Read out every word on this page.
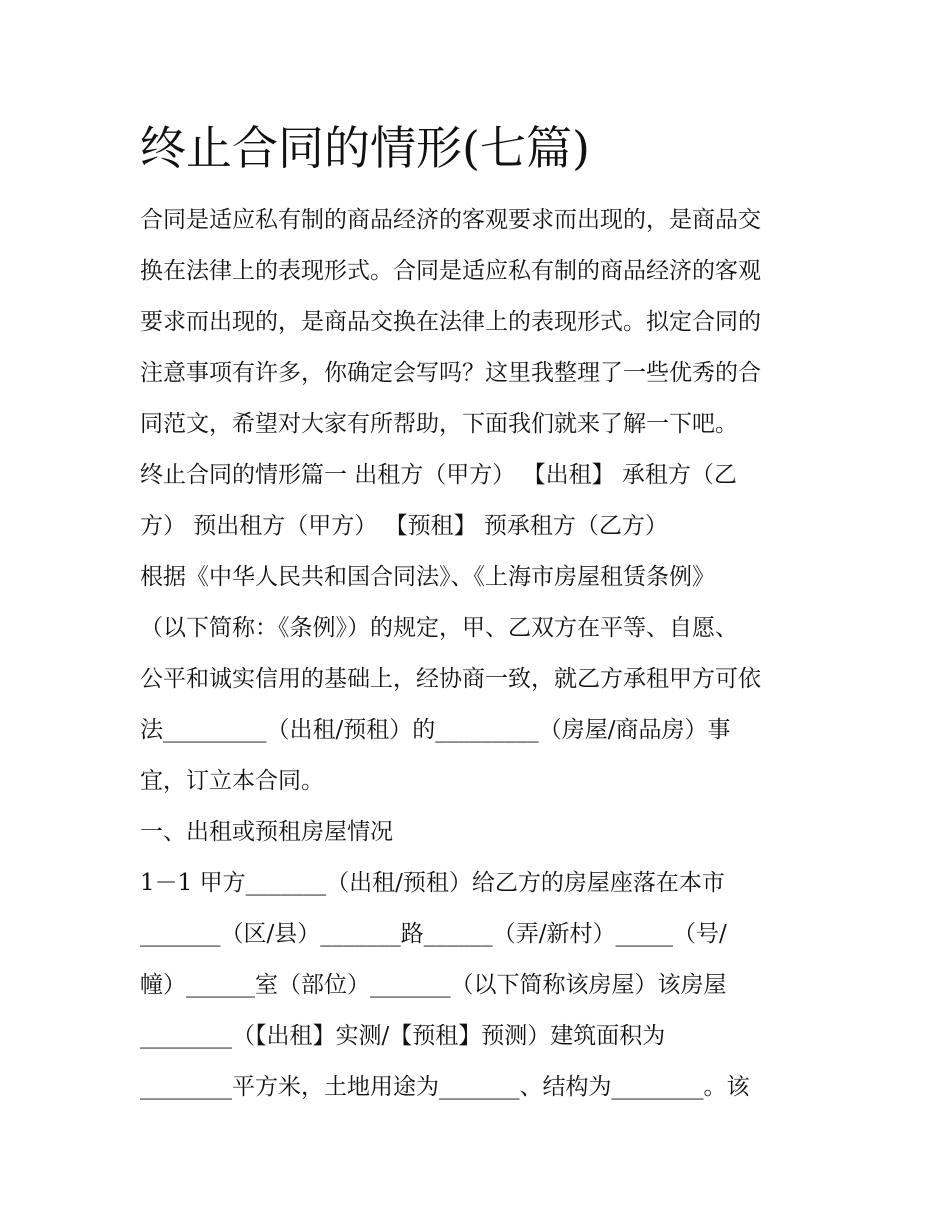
终止合同的情形(七篇)
合同是适应私有制的商品经济的客观要求而出现的，是商品交
换在法律上的表现形式。合同是适应私有制的商品经济的客观
要求而出现的，是商品交换在法律上的表现形式。拟定合同的
注意事项有许多，你确定会写吗？这里我整理了一些优秀的合
同范文，希望对大家有所帮助，下面我们就来了解一下吧。
终止合同的情形篇一 出租方（甲方） 【出租】 承租方（乙
方） 预出租方（甲方） 【预租】 预承租方（乙方）
根据《中华人民共和国合同法》、《上海市房屋租赁条例》
（以下简称：《条例》）的规定，甲、乙双方在平等、自愿、
公平和诚实信用的基础上，经协商一致，就乙方承租甲方可依
法_________（出租/预租）的_________（房屋/商品房）事
宜，订立本合同。
一、出租或预租房屋情况
1－1 甲方_______（出租/预租）给乙方的房屋座落在本市
_______（区/县）_______路______（弄/新村）_____（号/
幢）______室（部位）_______（以下简称该房屋）该房屋
________（【出租】实测/【预租】预测）建筑面积为
________平方米，土地用途为_______、结构为________。该
